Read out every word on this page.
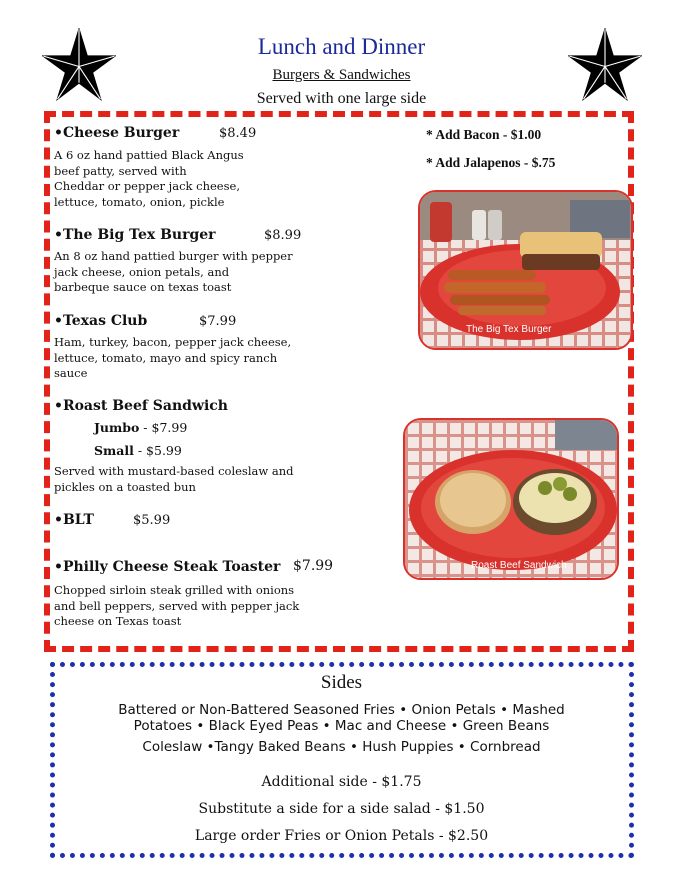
Lunch and Dinner
Burgers & Sandwiches
Served with one large side
* Add Bacon - $1.00
* Add Jalapenos - $.75
•Cheese Burger	$8.49
A 6 oz hand pattied Black Angus
beef patty, served with
Cheddar or pepper jack cheese,
lettuce, tomato, onion, pickle
•The Big Tex Burger	$8.99
An 8 oz hand pattied burger with pepper
jack cheese, onion petals, and
barbeque sauce on texas toast
•Texas Club	$7.99
Ham, turkey, bacon, pepper jack cheese,
lettuce, tomato, mayo and spicy ranch
sauce
•Roast Beef Sandwich
Jumbo - $7.99
Small - $5.99
Served with mustard-based coleslaw and
pickles on a toasted bun
•BLT	$5.99
•Philly Cheese Steak Toaster $7.99
Chopped sirloin steak grilled with onions
and bell peppers, served with pepper jack
cheese on Texas toast
The Big Tex Burger
Roast Beef Sandwich
Sides
Battered or Non-Battered Seasoned Fries • Onion Petals • Mashed
Potatoes • Black Eyed Peas • Mac and Cheese • Green Beans
Coleslaw •Tangy Baked Beans • Hush Puppies • Cornbread
Additional side - $1.75
Substitute a side for a side salad - $1.50
Large order Fries or Onion Petals - $2.50
